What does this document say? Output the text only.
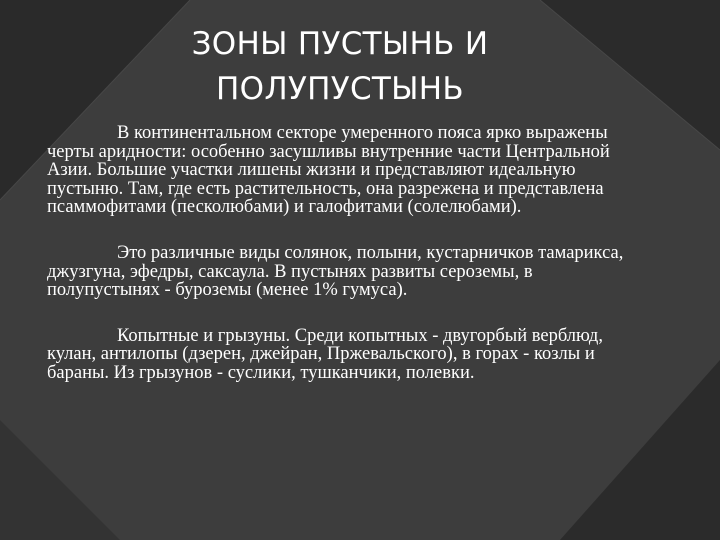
ЗОНЫ ПУСТЫНЬ И
ПОЛУПУСТЫНЬ

В континентальном секторе умеренного пояса ярко выражены черты аридности: особенно засушливы внутренние части Центральной Азии. Большие участки лишены жизни и представляют идеальную пустыню. Там, где есть растительность, она разрежена и представлена псаммофитами (песколюбами) и галофитами (солелюбами).

Это различные виды солянок, полыни, кустарничков тамарикса, джузгуна, эфедры, саксаула. В пустынях развиты сероземы, в полупустынях - буроземы (менее 1% гумуса).

Копытные и грызуны. Среди копытных - двугорбый верблюд, кулан, антилопы (дзерен, джейран, Пржевальского), в горах - козлы и бараны. Из грызунов - суслики, тушканчики, полевки.
